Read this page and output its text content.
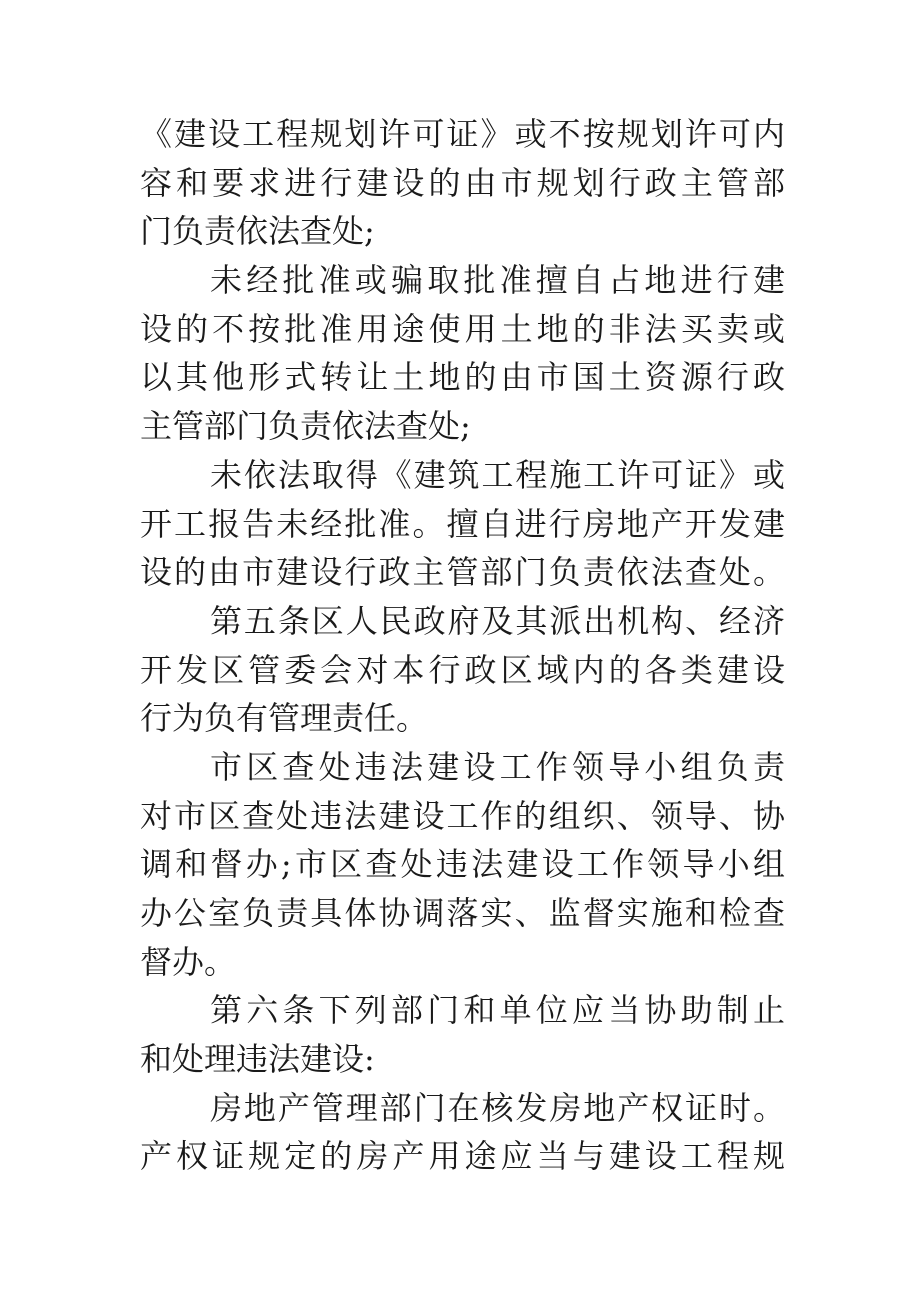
《建设工程规划许可证》或不按规划许可内
容和要求进行建设的由市规划行政主管部
门负责依法查处;
未经批准或骗取批准擅自占地进行建
设的不按批准用途使用土地的非法买卖或
以其他形式转让土地的由市国土资源行政
主管部门负责依法查处;
未依法取得《建筑工程施工许可证》或
开工报告未经批准。擅自进行房地产开发建
设的由市建设行政主管部门负责依法查处。
第五条区人民政府及其派出机构、经济
开发区管委会对本行政区域内的各类建设
行为负有管理责任。
市区查处违法建设工作领导小组负责
对市区查处违法建设工作的组织、领导、协
调和督办;市区查处违法建设工作领导小组
办公室负责具体协调落实、监督实施和检查
督办。
第六条下列部门和单位应当协助制止
和处理违法建设:
房地产管理部门在核发房地产权证时。
产权证规定的房产用途应当与建设工程规
